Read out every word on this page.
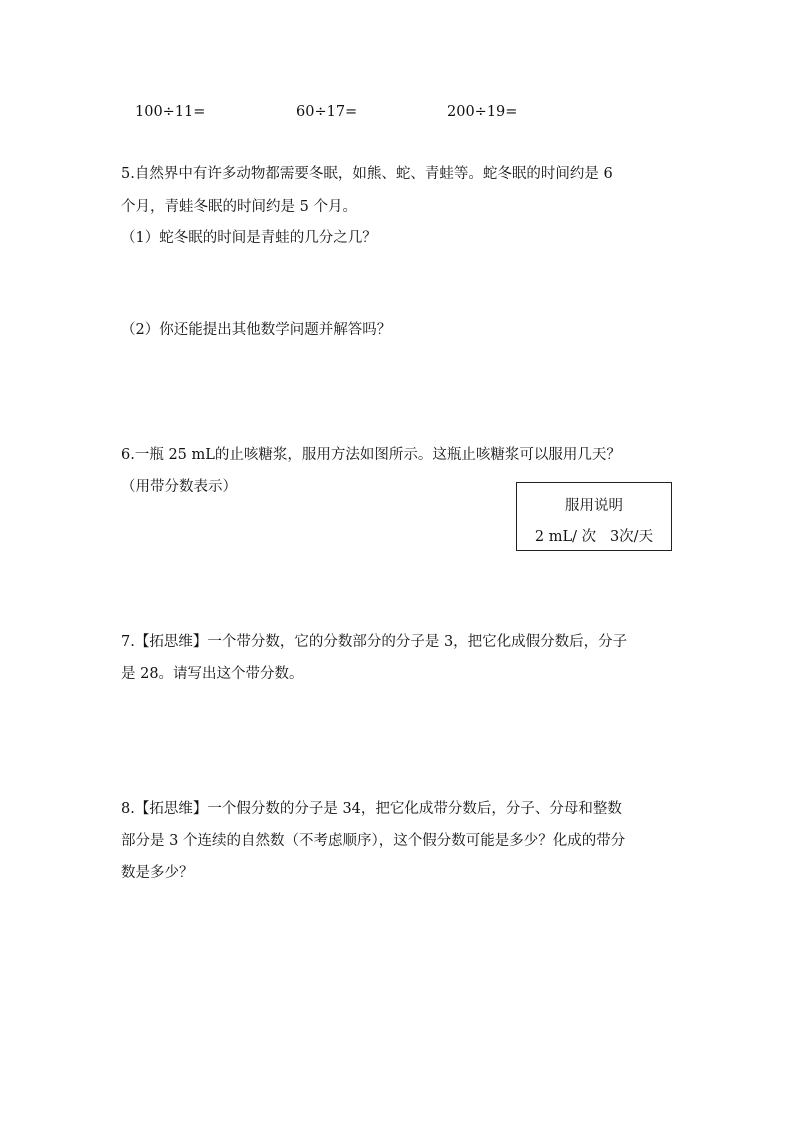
100÷11=	60÷17=	200÷19=
5.自然界中有许多动物都需要冬眠，如熊、蛇、青蛙等。蛇冬眠的时间约是 6
个月，青蛙冬眠的时间约是 5 个月。
（1）蛇冬眠的时间是青蛙的几分之几？
（2）你还能提出其他数学问题并解答吗？
6.一瓶 25 mL的止咳糖浆，服用方法如图所示。这瓶止咳糖浆可以服用几天？
（用带分数表示）
服用说明
2 mL/ 次   3次/天
7.【拓思维】一个带分数，它的分数部分的分子是 3，把它化成假分数后，分子
是 28。请写出这个带分数。
8.【拓思维】一个假分数的分子是 34，把它化成带分数后，分子、分母和整数
部分是 3 个连续的自然数（不考虑顺序），这个假分数可能是多少？化成的带分
数是多少？
